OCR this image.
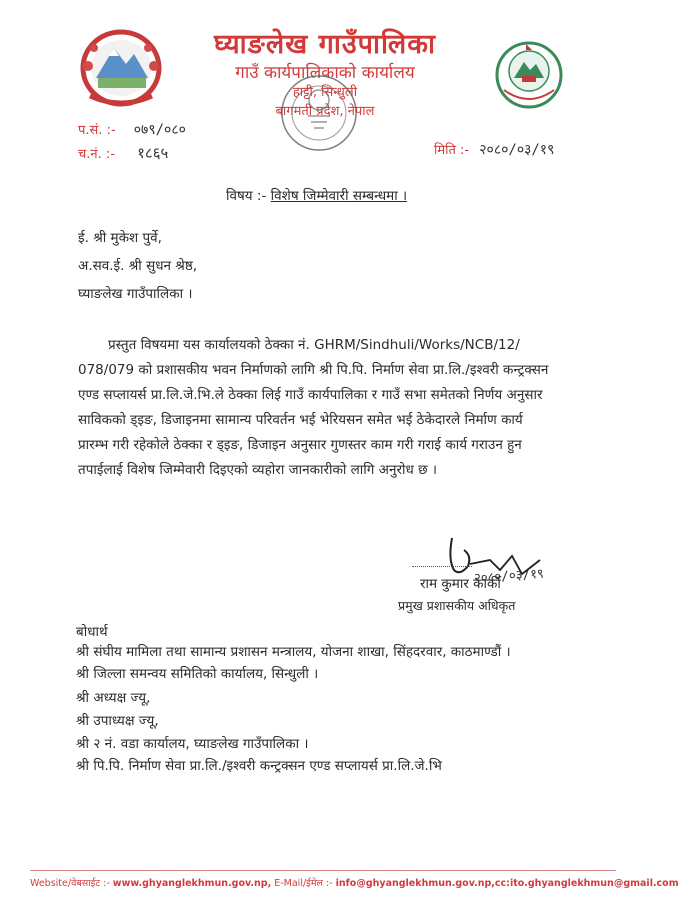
घ्याङलेख गाउँपालिका
गाउँ कार्यपालिकाको कार्यालय
हाट्टी, सिन्धुली
बागमती प्रदेश, नेपाल
प.सं. :- ०७९/०८०
च.नं. :- १८६५	मिति :- २०८०/०३/१९
विषय :- विशेष जिम्मेवारी सम्बन्धमा ।
ई. श्री मुकेश पुर्वे,
अ.सव.ई. श्री सुधन श्रेष्ठ,
घ्याङलेख गाउँपालिका ।
प्रस्तुत विषयमा यस कार्यालयको ठेक्का नं. GHRM/Sindhuli/Works/NCB/12/
078/079 को प्रशासकीय भवन निर्माणको लागि श्री पि.पि. निर्माण सेवा प्रा.लि./इश्वरी कन्ट्रक्सन
एण्ड सप्लायर्स प्रा.लि.जे.भि.ले ठेक्का लिई गाउँ कार्यपालिका र गाउँ सभा समेतको निर्णय अनुसार
साविकको ड्इङ, डिजाइनमा सामान्य परिवर्तन भई भेरियसन समेत भई ठेकेदारले निर्माण कार्य
प्रारम्भ गरी रहेकोले ठेक्का र ड्इङ, डिजाइन अनुसार गुणस्तर काम गरी गराई कार्य गराउन हुन
तपाईलाई विशेष जिम्मेवारी दिइएको व्यहोरा जानकारीको लागि अनुरोध छ ।
२०८०/०३/१९
राम कुमार कार्की
प्रमुख प्रशासकीय अधिकृत
बोधार्थ
श्री संघीय मामिला तथा सामान्य प्रशासन मन्त्रालय, योजना शाखा, सिंहदरवार, काठमाण्डौं ।
श्री जिल्ला समन्वय समितिको कार्यालय, सिन्धुली ।
श्री अध्यक्ष ज्यू,
श्री उपाध्यक्ष ज्यू,
श्री २ नं. वडा कार्यालय, घ्याङलेख गाउँपालिका ।
श्री पि.पि. निर्माण सेवा प्रा.लि./इश्वरी कन्ट्रक्सन एण्ड सप्लायर्स प्रा.लि.जे.भि
Website/वेबसाईट :- www.ghyanglekhmun.gov.np, E-Mail/ईमेल :- info@ghyanglekhmun.gov.np,cc:ito.ghyanglekhmun@gmail.com
